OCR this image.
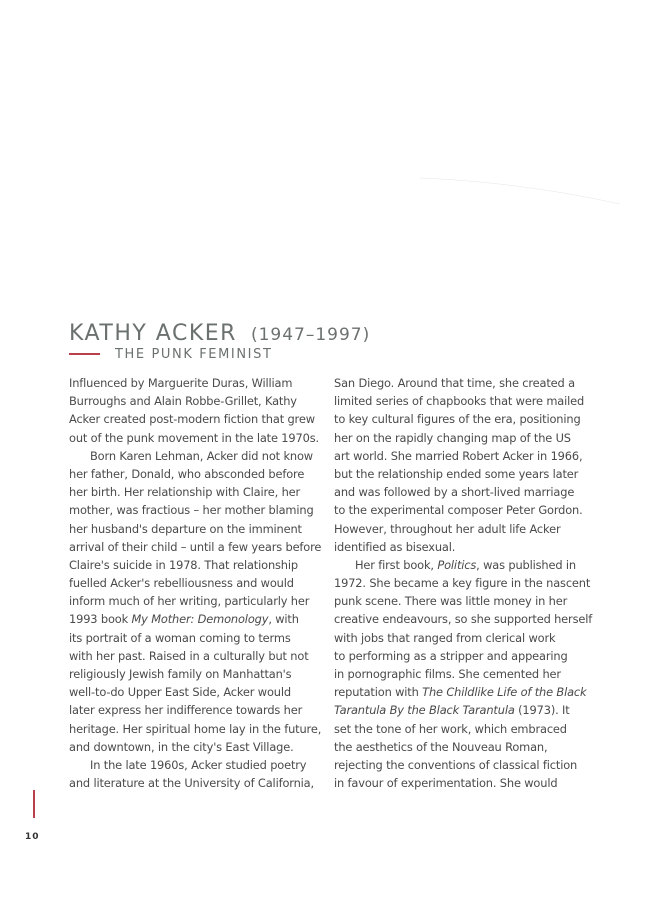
KATHY ACKER (1947–1997)
THE PUNK FEMINIST
Influenced by Marguerite Duras, William
Burroughs and Alain Robbe-Grillet, Kathy
Acker created post-modern fiction that grew
out of the punk movement in the late 1970s.
Born Karen Lehman, Acker did not know
her father, Donald, who absconded before
her birth. Her relationship with Claire, her
mother, was fractious – her mother blaming
her husband's departure on the imminent
arrival of their child – until a few years before
Claire's suicide in 1978. That relationship
fuelled Acker's rebelliousness and would
inform much of her writing, particularly her
1993 book My Mother: Demonology, with
its portrait of a woman coming to terms
with her past. Raised in a culturally but not
religiously Jewish family on Manhattan's
well-to-do Upper East Side, Acker would
later express her indifference towards her
heritage. Her spiritual home lay in the future,
and downtown, in the city's East Village.
In the late 1960s, Acker studied poetry
and literature at the University of California,
San Diego. Around that time, she created a
limited series of chapbooks that were mailed
to key cultural figures of the era, positioning
her on the rapidly changing map of the US
art world. She married Robert Acker in 1966,
but the relationship ended some years later
and was followed by a short-lived marriage
to the experimental composer Peter Gordon.
However, throughout her adult life Acker
identified as bisexual.
Her first book, Politics, was published in
1972. She became a key figure in the nascent
punk scene. There was little money in her
creative endeavours, so she supported herself
with jobs that ranged from clerical work
to performing as a stripper and appearing
in pornographic films. She cemented her
reputation with The Childlike Life of the Black
Tarantula By the Black Tarantula (1973). It
set the tone of her work, which embraced
the aesthetics of the Nouveau Roman,
rejecting the conventions of classical fiction
in favour of experimentation. She would
10
